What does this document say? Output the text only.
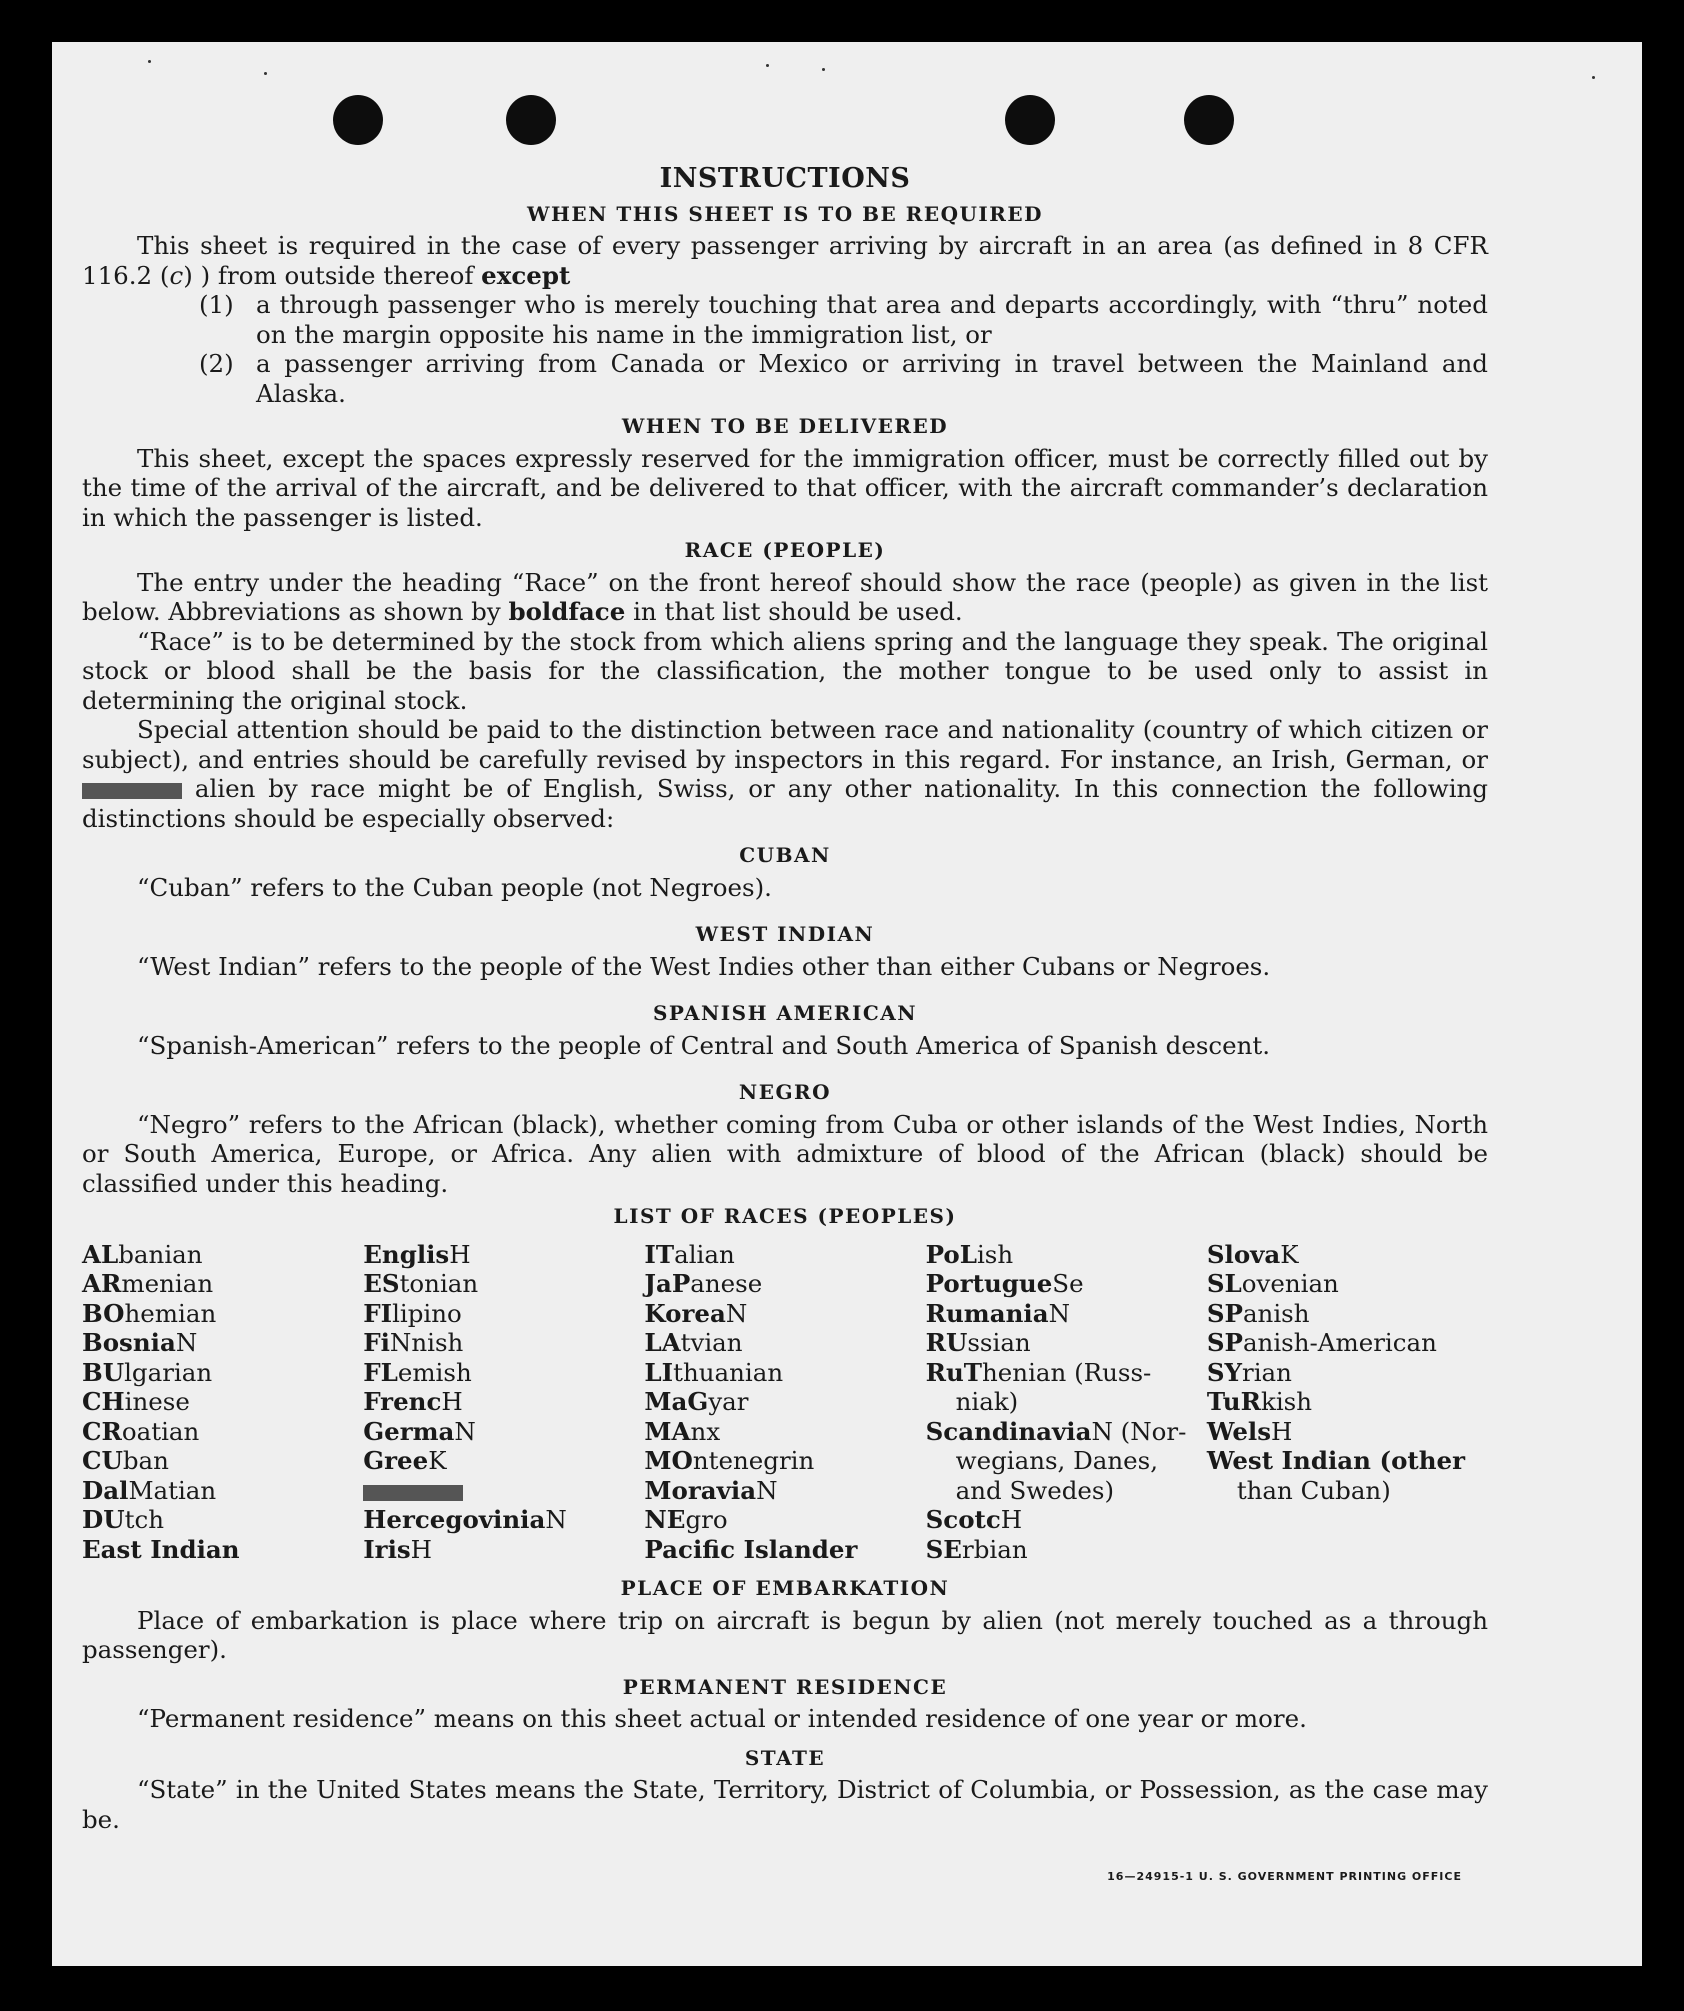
INSTRUCTIONS
WHEN THIS SHEET IS TO BE REQUIRED

This sheet is required in the case of every passenger arriving by aircraft in an area (as defined in 8 CFR 116.2 (c) ) from outside thereof except

(1) a through passenger who is merely touching that area and departs accordingly, with “thru” noted on the margin opposite his name in the immigration list, or
(2) a passenger arriving from Canada or Mexico or arriving in travel between the Mainland and Alaska.
WHEN TO BE DELIVERED

This sheet, except the spaces expressly reserved for the immigration officer, must be correctly filled out by the time of the arrival of the aircraft, and be delivered to that officer, with the aircraft commander’s declaration in which the passenger is listed.

RACE (PEOPLE)

The entry under the heading “Race” on the front hereof should show the race (people) as given in the list below. Abbreviations as shown by boldface in that list should be used.

“Race” is to be determined by the stock from which aliens spring and the language they speak. The original stock or blood shall be the basis for the classification, the mother tongue to be used only to assist in determining the original stock.

Special attention should be paid to the distinction between race and nationality (country of which citizen or subject), and entries should be carefully revised by inspectors in this regard. For instance, an Irish, German, or  alien by race might be of English, Swiss, or any other nationality. In this connection the following distinctions should be especially observed:

CUBAN

“Cuban” refers to the Cuban people (not Negroes).

WEST INDIAN

“West Indian” refers to the people of the West Indies other than either Cubans or Negroes.

SPANISH AMERICAN

“Spanish-American” refers to the people of Central and South America of Spanish descent.

NEGRO

“Negro” refers to the African (black), whether coming from Cuba or other islands of the West Indies, North or South America, Europe, or Africa. Any alien with admixture of blood of the African (black) should be classified under this heading.

LIST OF RACES (PEOPLES)
ALbanian
ARmenian
BOhemian
BosniaN
BUlgarian
CHinese
CRoatian
CUban
DalMatian
DUtch
East Indian
EnglisH
EStonian
FIlipino
FiNnish
FLemish
FrencH
GermaN
GreeK
HercegoviniaN
IrisH
ITalian
JaPanese
KoreaN
LAtvian
LIthuanian
MaGyar
MAnx
MOntenegrin
MoraviaN
NEgro
Pacific Islander
PoLish
PortugueSe
RumaniaN
RUssian
RuThenian (Russ-
niak)
ScandinaviaN (Nor-
wegians, Danes,
and Swedes)
ScotcH
SErbian
SlovaK
SLovenian
SPanish
SPanish-American
SYrian
TuRkish
WelsH
West Indian (other
than Cuban)
PLACE OF EMBARKATION

Place of embarkation is place where trip on aircraft is begun by alien (not merely touched as a through passenger).

PERMANENT RESIDENCE

“Permanent residence” means on this sheet actual or intended residence of one year or more.

STATE

“State” in the United States means the State, Territory, District of Columbia, or Possession, as the case may be.

16—24915-1 U. S. GOVERNMENT PRINTING OFFICE
